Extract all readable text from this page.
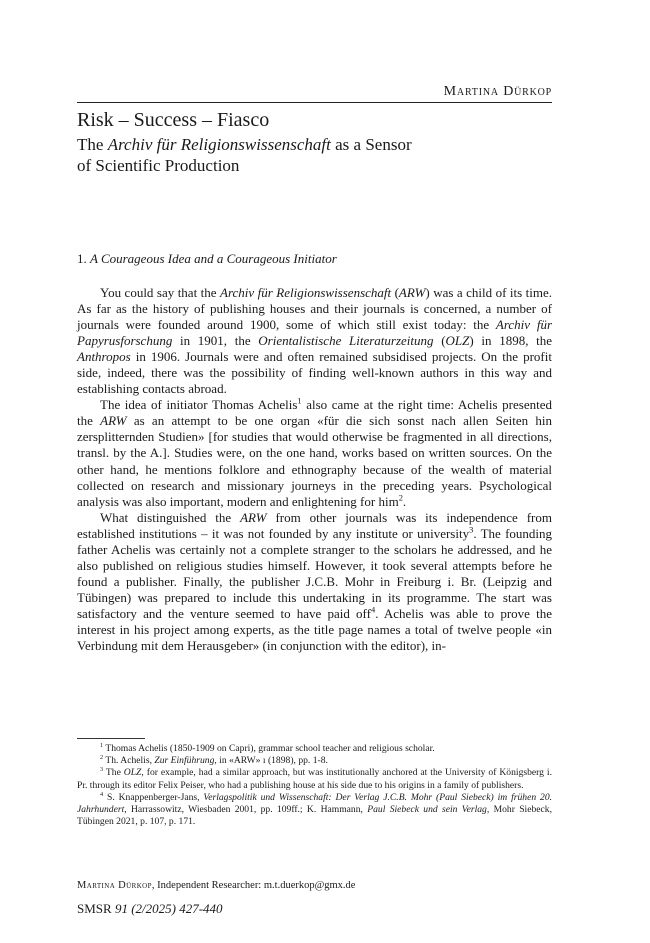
Martina Dürkop
Risk – Success – Fiasco
The Archiv für Religionswissenschaft as a Sensor
of Scientific Production
1. A Courageous Idea and a Courageous Initiator

You could say that the Archiv für Religionswissenschaft (ARW) was a child of its time. As far as the history of publishing houses and their journals is concerned, a number of journals were founded around 1900, some of which still exist today: the Archiv für Papyrusforschung in 1901, the Orientalistische Literaturzeitung (OLZ) in 1898, the Anthropos in 1906. Journals were and often remained subsidised projects. On the profit side, indeed, there was the possibility of finding well-known authors in this way and establishing contacts abroad.

The idea of initiator Thomas Achelis$^1$ also came at the right time: Achelis presented the ARW as an attempt to be one organ «für die sich sonst nach allen Seiten hin zersplitternden Studien» [for studies that would otherwise be fragmented in all directions, transl. by the A.]. Studies were, on the one hand, works based on written sources. On the other hand, he mentions folklore and ethnography because of the wealth of material collected on research and missionary journeys in the preceding years. Psychological analysis was also important, modern and enlightening for him$^2$.

What distinguished the ARW from other journals was its independence from established institutions – it was not founded by any institute or university$^3$. The founding father Achelis was certainly not a complete stranger to the scholars he addressed, and he also published on religious studies himself. However, it took several attempts before he found a publisher. Finally, the publisher J.C.B. Mohr in Freiburg i. Br. (Leipzig and Tübingen) was prepared to include this undertaking in its programme. The start was satisfactory and the venture seemed to have paid off$^4$. Achelis was able to prove the interest in his project among experts, as the title page names a total of twelve people «in Verbindung mit dem Herausgeber» (in conjunction with the editor), in-

$^1$ Thomas Achelis (1850-1909 on Capri), grammar school teacher and religious scholar.

$^2$ Th. Achelis, Zur Einführung, in «ARW» ı (1898), pp. 1-8.

$^3$ The OLZ, for example, had a similar approach, but was institutionally anchored at the University of Königsberg i. Pr. through its editor Felix Peiser, who had a publishing house at his side due to his origins in a family of publishers.

$^4$ S. Knappenberger-Jans, Verlagspolitik und Wissenschaft: Der Verlag J.C.B. Mohr (Paul Siebeck) im frühen 20. Jahrhundert, Harrassowitz, Wiesbaden 2001, pp. 109ff.; K. Hammann, Paul Siebeck und sein Verlag, Mohr Siebeck, Tübingen 2021, p. 107, p. 171.

Martina Dürkop, Independent Researcher: m.t.duerkop@gmx.de
SMSR 91 (2/2025) 427-440
